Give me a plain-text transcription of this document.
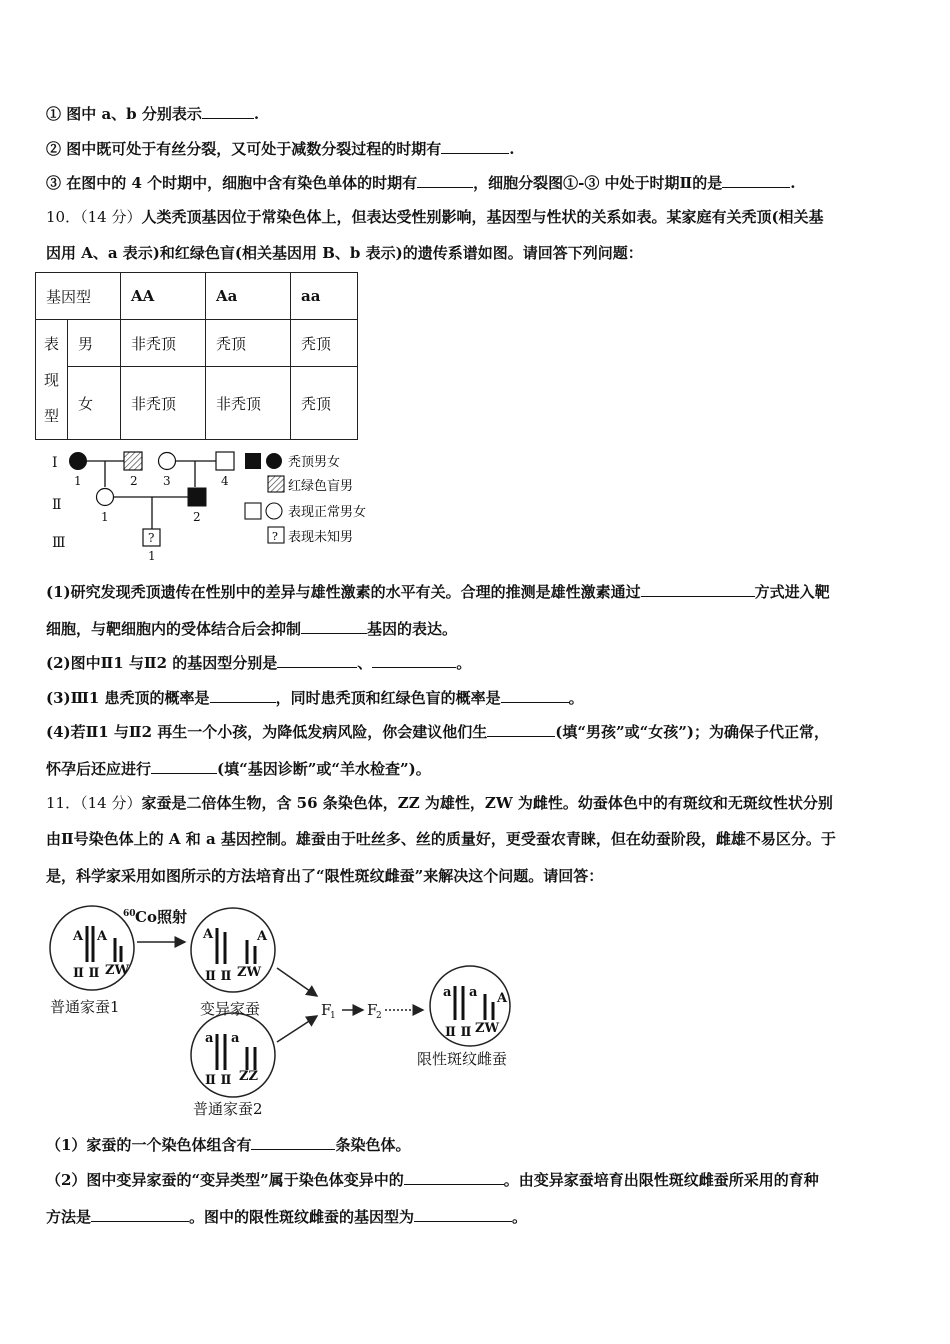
① 图中 a、b 分别表示	.
② 图中既可处于有丝分裂，又可处于减数分裂过程的时期有	.
③ 在图中的 4 个时期中，细胞中含有染色单体的时期有	，细胞分裂图①-③ 中处于时期Ⅱ的是	.
10．（14 分）人类秃顶基因位于常染色体上，但表达受性别影响，基因型与性状的关系如表。某家庭有关秃顶(相关基
因用 A、a 表示)和红绿色盲(相关基因用 B、b 表示)的遗传系谱如图。请回答下列问题：
基因型		AA	Aa	aa
表现型	男	非秃顶	秃顶	秃顶
	女	非秃顶	非秃顶	秃顶
Ⅰ
Ⅱ
Ⅲ
1	2 3	4
1	2
?
1
秃顶男女
红绿色盲男
表现正常男女
? 表现未知男
(1)研究发现秃顶遗传在性别中的差异与雄性激素的水平有关。合理的推测是雄性激素通过	方式进入靶
细胞，与靶细胞内的受体结合后会抑制	基因的表达。
(2)图中Ⅱ1 与Ⅱ2 的基因型分别是	、	。
(3)Ⅲ1 患秃顶的概率是	，同时患秃顶和红绿色盲的概率是	。
(4)若Ⅱ1 与Ⅱ2 再生一个小孩，为降低发病风险，你会建议他们生	(填“男孩”或“女孩”)；为确保子代正常，
怀孕后还应进行	(填“基因诊断”或“羊水检查”)。
11．（14 分）家蚕是二倍体生物，含 56 条染色体，ZZ 为雄性，ZW 为雌性。幼蚕体色中的有斑纹和无斑纹性状分别
由Ⅱ号染色体上的 A 和 a 基因控制。雄蚕由于吐丝多、丝的质量好，更受蚕农青睐，但在幼蚕阶段，雌雄不易区分。于
是，科学家采用如图所示的方法培育出了“限性斑纹雌蚕”来解决这个问题。请回答：
60 Co照射
A A
Ⅱ Ⅱ ZW
A	A
Ⅱ Ⅱ ZW
a a
Ⅱ Ⅱ ZZ
a a A
Ⅱ Ⅱ ZW
普通家蚕1	变异家蚕
普通家蚕2
限性斑纹雌蚕
F
1 F
2
（1）家蚕的一个染色体组含有	条染色体。
（2）图中变异家蚕的“变异类型”属于染色体变异中的	。由变异家蚕培育出限性斑纹雌蚕所采用的育种
方法是	。图中的限性斑纹雌蚕的基因型为	。
